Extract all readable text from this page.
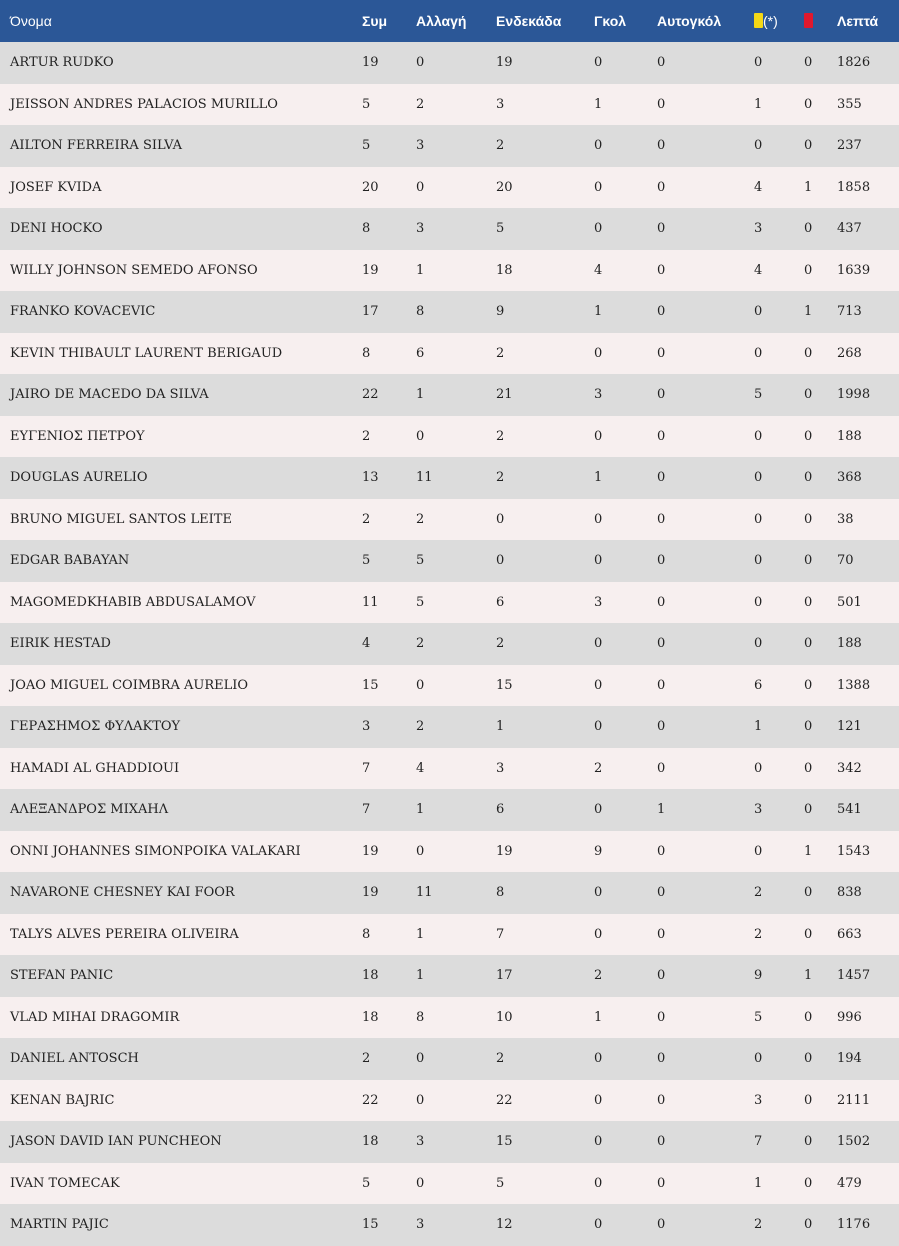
Όνομα	Συμ	Αλλαγή	Ενδεκάδα	Γκολ	Αυτογκόλ	(*)		Λεπτά
ARTUR RUDKO	19	0	19	0	0	0	0	1826
JEISSON ANDRES PALACIOS MURILLO	5	2	3	1	0	1	0	355
AILTON FERREIRA SILVA	5	3	2	0	0	0	0	237
JOSEF KVIDA	20	0	20	0	0	4	1	1858
DENI HOCKO	8	3	5	0	0	3	0	437
WILLY JOHNSON SEMEDO AFONSO	19	1	18	4	0	4	0	1639
FRANKO KOVACEVIC	17	8	9	1	0	0	1	713
KEVIN THIBAULT LAURENT BERIGAUD	8	6	2	0	0	0	0	268
JAIRO DE MACEDO DA SILVA	22	1	21	3	0	5	0	1998
ΕΥΓΕΝΙΟΣ ΠΕΤΡΟΥ	2	0	2	0	0	0	0	188
DOUGLAS AURELIO	13	11	2	1	0	0	0	368
BRUNO MIGUEL SANTOS LEITE	2	2	0	0	0	0	0	38
EDGAR BABAYAN	5	5	0	0	0	0	0	70
MAGOMEDKHABIB ABDUSALAMOV	11	5	6	3	0	0	0	501
EIRIK HESTAD	4	2	2	0	0	0	0	188
JOAO MIGUEL COIMBRA AURELIO	15	0	15	0	0	6	0	1388
ΓΕΡΑΣΗΜΟΣ ΦΥΛΑΚΤΟΥ	3	2	1	0	0	1	0	121
HAMADI AL GHADDIOUI	7	4	3	2	0	0	0	342
ΑΛΕΞΑΝΔΡΟΣ ΜΙΧΑΗΛ	7	1	6	0	1	3	0	541
ONNI JOHANNES SIMONPOIKA VALAKARI	19	0	19	9	0	0	1	1543
NAVARONE CHESNEY KAI FOOR	19	11	8	0	0	2	0	838
TALYS ALVES PEREIRA OLIVEIRA	8	1	7	0	0	2	0	663
STEFAN PANIC	18	1	17	2	0	9	1	1457
VLAD MIHAI DRAGOMIR	18	8	10	1	0	5	0	996
DANIEL ANTOSCH	2	0	2	0	0	0	0	194
KENAN BAJRIC	22	0	22	0	0	3	0	2111
JASON DAVID IAN PUNCHEON	18	3	15	0	0	7	0	1502
IVAN TOMECAK	5	0	5	0	0	1	0	479
MARTIN PAJIC	15	3	12	0	0	2	0	1176
